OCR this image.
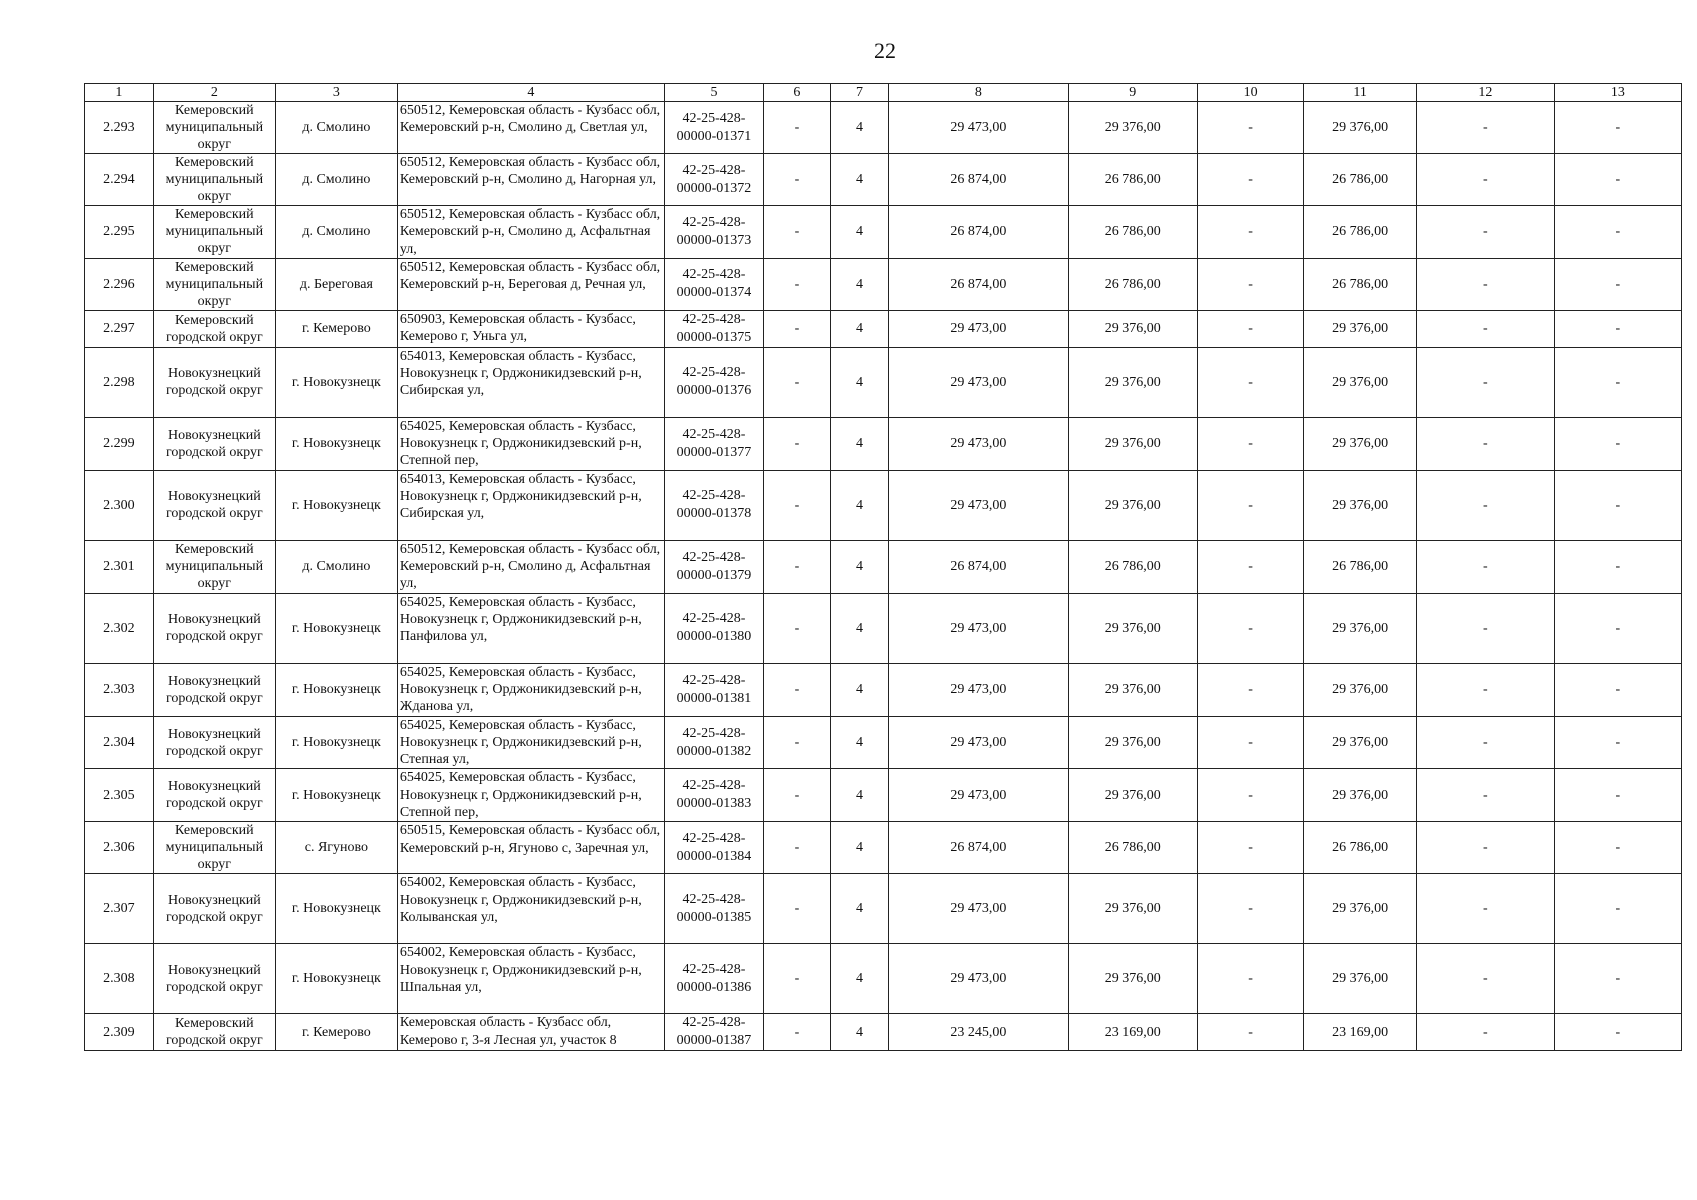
22
1	2	3	4	5	6	7	8	9	10	11	12	13
2.293	Кемеровский муниципальный округ	д. Смолино	650512, Кемеровская область - Кузбасс обл, Кемеровский р-н, Смолино д, Светлая ул,	42-25-428-00000-01371	-	4	29 473,00	29 376,00	-	29 376,00	-	-
2.294	Кемеровский муниципальный округ	д. Смолино	650512, Кемеровская область - Кузбасс обл, Кемеровский р-н, Смолино д, Нагорная ул,	42-25-428-00000-01372	-	4	26 874,00	26 786,00	-	26 786,00	-	-
2.295	Кемеровский муниципальный округ	д. Смолино	650512, Кемеровская область - Кузбасс обл, Кемеровский р-н, Смолино д, Асфальтная ул,	42-25-428-00000-01373	-	4	26 874,00	26 786,00	-	26 786,00	-	-
2.296	Кемеровский муниципальный округ	д. Береговая	650512, Кемеровская область - Кузбасс обл, Кемеровский р-н, Береговая д, Речная ул,	42-25-428-00000-01374	-	4	26 874,00	26 786,00	-	26 786,00	-	-
2.297	Кемеровский городской округ	г. Кемерово	650903, Кемеровская область - Кузбасс, Кемерово г, Уньга ул,	42-25-428-00000-01375	-	4	29 473,00	29 376,00	-	29 376,00	-	-
2.298	Новокузнецкий городской округ	г. Новокузнецк	654013, Кемеровская область - Кузбасс, Новокузнецк г, Орджоникидзевский р-н, Сибирская ул,	42-25-428-00000-01376	-	4	29 473,00	29 376,00	-	29 376,00	-	-
2.299	Новокузнецкий городской округ	г. Новокузнецк	654025, Кемеровская область - Кузбасс, Новокузнецк г, Орджоникидзевский р-н, Степной пер,	42-25-428-00000-01377	-	4	29 473,00	29 376,00	-	29 376,00	-	-
2.300	Новокузнецкий городской округ	г. Новокузнецк	654013, Кемеровская область - Кузбасс, Новокузнецк г, Орджоникидзевский р-н, Сибирская ул,	42-25-428-00000-01378	-	4	29 473,00	29 376,00	-	29 376,00	-	-
2.301	Кемеровский муниципальный округ	д. Смолино	650512, Кемеровская область - Кузбасс обл, Кемеровский р-н, Смолино д, Асфальтная ул,	42-25-428-00000-01379	-	4	26 874,00	26 786,00	-	26 786,00	-	-
2.302	Новокузнецкий городской округ	г. Новокузнецк	654025, Кемеровская область - Кузбасс, Новокузнецк г, Орджоникидзевский р-н, Панфилова ул,	42-25-428-00000-01380	-	4	29 473,00	29 376,00	-	29 376,00	-	-
2.303	Новокузнецкий городской округ	г. Новокузнецк	654025, Кемеровская область - Кузбасс, Новокузнецк г, Орджоникидзевский р-н, Жданова ул,	42-25-428-00000-01381	-	4	29 473,00	29 376,00	-	29 376,00	-	-
2.304	Новокузнецкий городской округ	г. Новокузнецк	654025, Кемеровская область - Кузбасс, Новокузнецк г, Орджоникидзевский р-н, Степная ул,	42-25-428-00000-01382	-	4	29 473,00	29 376,00	-	29 376,00	-	-
2.305	Новокузнецкий городской округ	г. Новокузнецк	654025, Кемеровская область - Кузбасс, Новокузнецк г, Орджоникидзевский р-н, Степной пер,	42-25-428-00000-01383	-	4	29 473,00	29 376,00	-	29 376,00	-	-
2.306	Кемеровский муниципальный округ	с. Ягуново	650515, Кемеровская область - Кузбасс обл, Кемеровский р-н, Ягуново с, Заречная ул,	42-25-428-00000-01384	-	4	26 874,00	26 786,00	-	26 786,00	-	-
2.307	Новокузнецкий городской округ	г. Новокузнецк	654002, Кемеровская область - Кузбасс, Новокузнецк г, Орджоникидзевский р-н, Колыванская ул,	42-25-428-00000-01385	-	4	29 473,00	29 376,00	-	29 376,00	-	-
2.308	Новокузнецкий городской округ	г. Новокузнецк	654002, Кемеровская область - Кузбасс, Новокузнецк г, Орджоникидзевский р-н, Шпальная ул,	42-25-428-00000-01386	-	4	29 473,00	29 376,00	-	29 376,00	-	-
2.309	Кемеровский городской округ	г. Кемерово	Кемеровская область - Кузбасс обл, Кемерово г, 3-я Лесная ул, участок 8	42-25-428-00000-01387	-	4	23 245,00	23 169,00	-	23 169,00	-	-
